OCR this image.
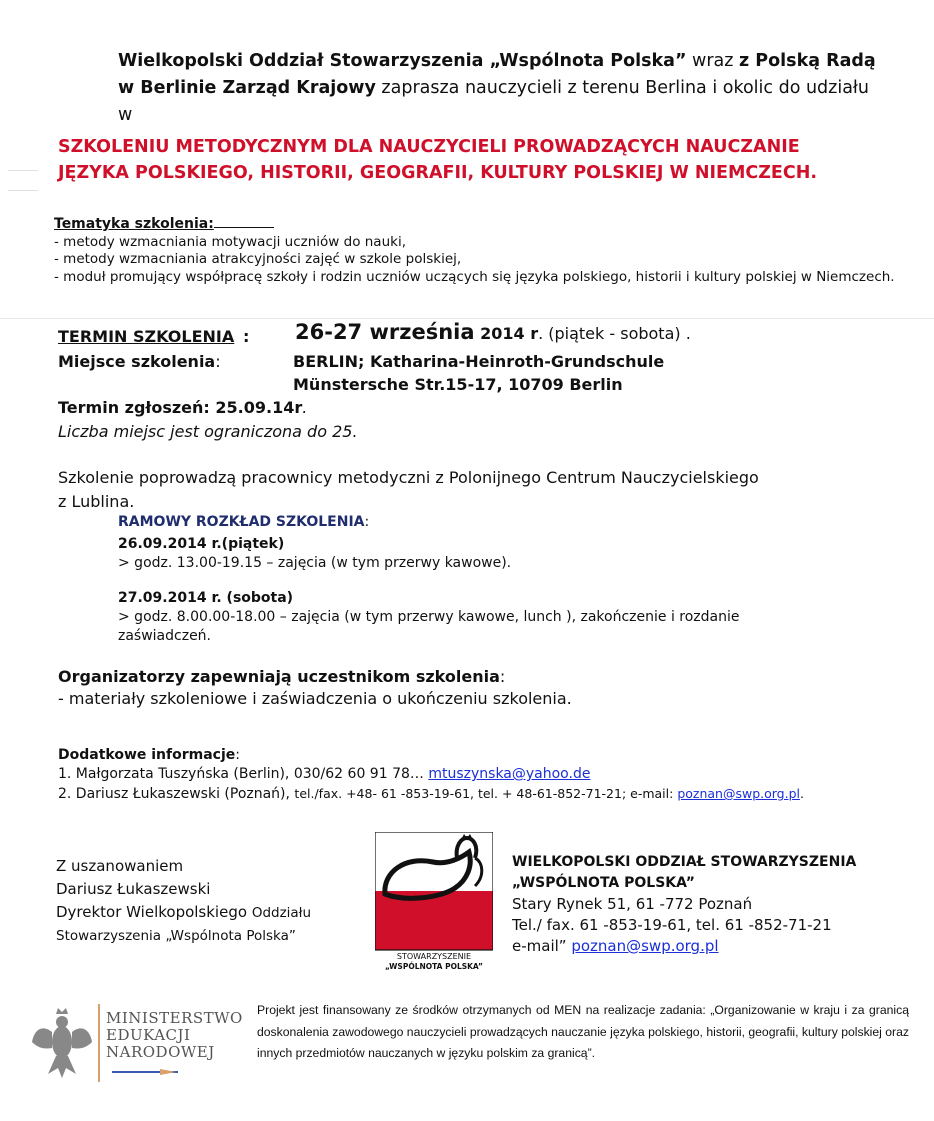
Wielkopolski Oddział Stowarzyszenia „Wspólnota Polska” wraz z Polską Radą w Berlinie Zarząd Krajowy zaprasza nauczycieli z terenu Berlina i okolic do udziału w

SZKOLENIU METODYCZNYM DLA NAUCZYCIELI PROWADZĄCYCH NAUCZANIE

JĘZYKA POLSKIEGO, HISTORII, GEOGRAFII, KULTURY POLSKIEJ W NIEMCZECH.

Tematyka szkolenia:

- metody wzmacniania motywacji uczniów do nauki,

- metody wzmacniania atrakcyjności zajęć w szkole polskiej,

- moduł promujący współpracę szkoły i rodzin uczniów uczących się języka polskiego, historii i kultury polskiej w Niemczech.

TERMIN SZKOLENIA : 26-27 września 2014 r. (piątek - sobota) .
Miejsce szkolenia:	BERLIN; Katharina-Heinroth-Grundschule
Münstersche Str.15-17, 10709 Berlin
Termin zgłoszeń: 25.09.14r.
Liczba miejsc jest ograniczona do 25.

Szkolenie poprowadzą pracownicy metodyczni z Polonijnego Centrum Nauczycielskiego

z Lublina.

RAMOWY ROZKŁAD SZKOLENIA:

26.09.2014 r.(piątek)

> godz. 13.00-19.15 – zajęcia (w tym przerwy kawowe).

27.09.2014 r. (sobota)

> godz. 8.00.00-18.00 – zajęcia (w tym przerwy kawowe, lunch ), zakończenie i rozdanie zaświadczeń.

Organizatorzy zapewniają uczestnikom szkolenia:

- materiały szkoleniowe i zaświadczenia o ukończeniu szkolenia.

Dodatkowe informacje:

1. Małgorzata Tuszyńska (Berlin), 030/62 60 91 78… mtuszynska@yahoo.de

2. Dariusz Łukaszewski (Poznań), tel./fax. +48- 61 -853-19-61, tel. + 48-61-852-71-21; e-mail: poznan@swp.org.pl.

Z uszanowaniem

Dariusz Łukaszewski

Dyrektor Wielkopolskiego Oddziału

Stowarzyszenia „Wspólnota Polska”

STOWARZYSZENIE
„WSPÓLNOTA POLSKA”

WIELKOPOLSKI ODDZIAŁ STOWARZYSZENIA

„WSPÓLNOTA POLSKA”

Stary Rynek 51, 61 -772 Poznań

Tel./ fax. 61 -853-19-61, tel. 61 -852-71-21

e-mail” poznan@swp.org.pl

MINISTERSTWO

EDUKACJI

NARODOWEJ

Projekt jest finansowany ze środków otrzymanych od MEN na realizacje zadania: „Organizowanie w kraju i za granicą doskonalenia zawodowego nauczycieli prowadzących nauczanie języka polskiego, historii, geografii, kultury polskiej oraz innych przedmiotów nauczanych w języku polskim za granicą”.
